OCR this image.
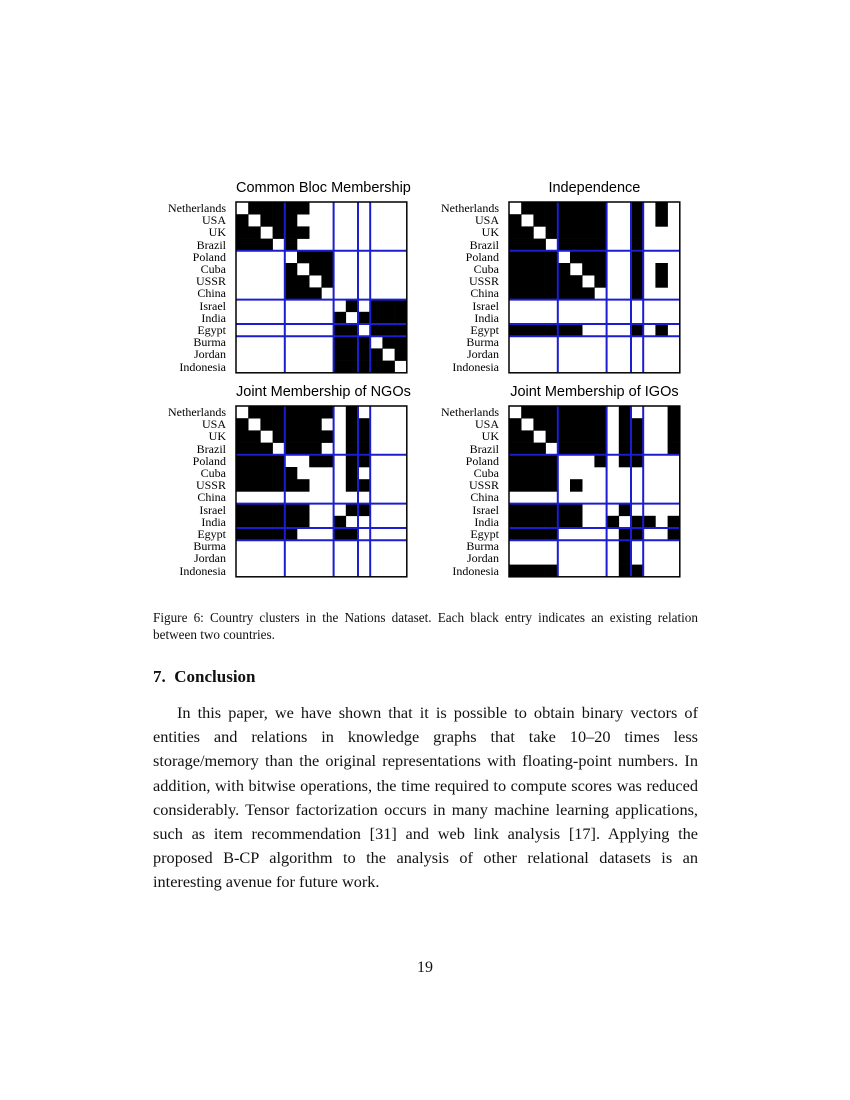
Common Bloc Membership
Netherlands
USA
UK
Brazil
Poland
Cuba
USSR
China
Israel
India
Egypt
Burma
Jordan
Indonesia
Independence
Netherlands
USA
UK
Brazil
Poland
Cuba
USSR
China
Israel
India
Egypt
Burma
Jordan
Indonesia
Joint Membership of NGOs
Netherlands
USA
UK
Brazil
Poland
Cuba
USSR
China
Israel
India
Egypt
Burma
Jordan
Indonesia
Joint Membership of IGOs
Netherlands
USA
UK
Brazil
Poland
Cuba
USSR
China
Israel
India
Egypt
Burma
Jordan
Indonesia
Figure 6: Country clusters in the Nations dataset. Each black entry indicates an existing relation between two countries.
7. Conclusion

In this paper, we have shown that it is possible to obtain binary vectors of entities and relations in knowledge graphs that take 10–20 times less storage/memory than the original representations with floating-point numbers. In addition, with bitwise operations, the time required to compute scores was reduced considerably. Tensor factorization occurs in many machine learning applications, such as item recommendation [31] and web link analysis [17]. Applying the proposed B-CP algorithm to the analysis of other relational datasets is an interesting avenue for future work.

19
